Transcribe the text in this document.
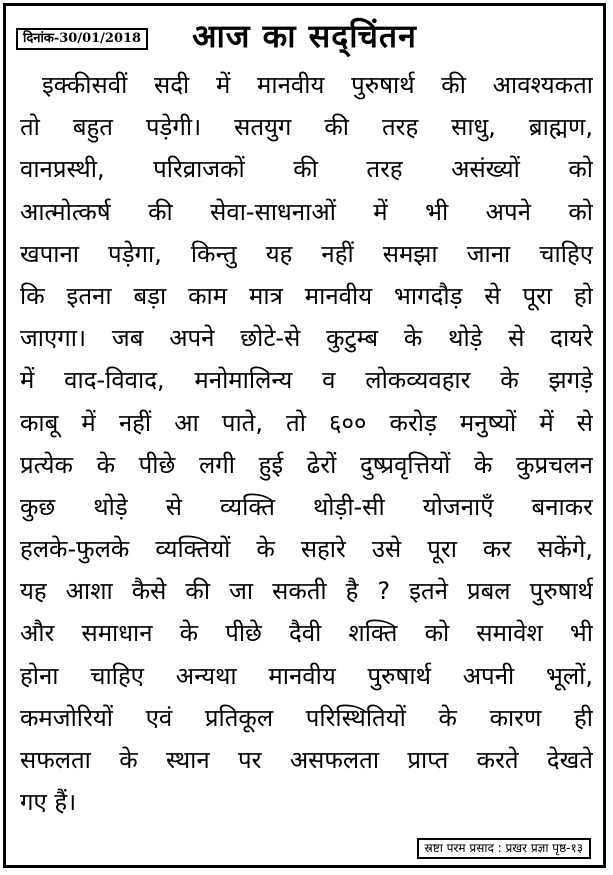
दिनांक-30/01/2018	आज का सद्चिंतन
इक्कीसवीं सदी में मानवीय पुरुषार्थ की आवश्यकता
तो बहुत पड़ेगी। सतयुग की तरह साधु, ब्राह्मण,
वानप्रस्थी, परिव्राजकों की तरह असंख्यों को
आत्मोत्कर्ष की सेवा-साधनाओं में भी अपने को
खपाना पड़ेगा, किन्तु यह नहीं समझा जाना चाहिए
कि इतना बड़ा काम मात्र मानवीय भागदौड़ से पूरा हो
जाएगा। जब अपने छोटे-से कुटुम्ब के थोड़े से दायरे
में वाद-विवाद, मनोमालिन्य व लोकव्यवहार के झगड़े
काबू में नहीं आ पाते, तो ६०० करोड़ मनुष्यों में से
प्रत्येक के पीछे लगी हुई ढेरों दुष्प्रवृत्तियों के कुप्रचलन
कुछ थोड़े से व्यक्ति थोड़ी-सी योजनाएँ बनाकर
हलके-फुलके व्यक्तियों के सहारे उसे पूरा कर सकेंगे,
यह आशा कैसे की जा सकती है ? इतने प्रबल पुरुषार्थ
और समाधान के पीछे दैवी शक्ति को समावेश भी
होना चाहिए अन्यथा मानवीय पुरुषार्थ अपनी भूलों,
कमजोरियों एवं प्रतिकूल परिस्थितियों के कारण ही
सफलता के स्थान पर असफलता प्राप्त करते देखते
गए हैं।
स्रष्टा परम प्रसाद : प्रखर प्रज्ञा पृष्ठ-१३
